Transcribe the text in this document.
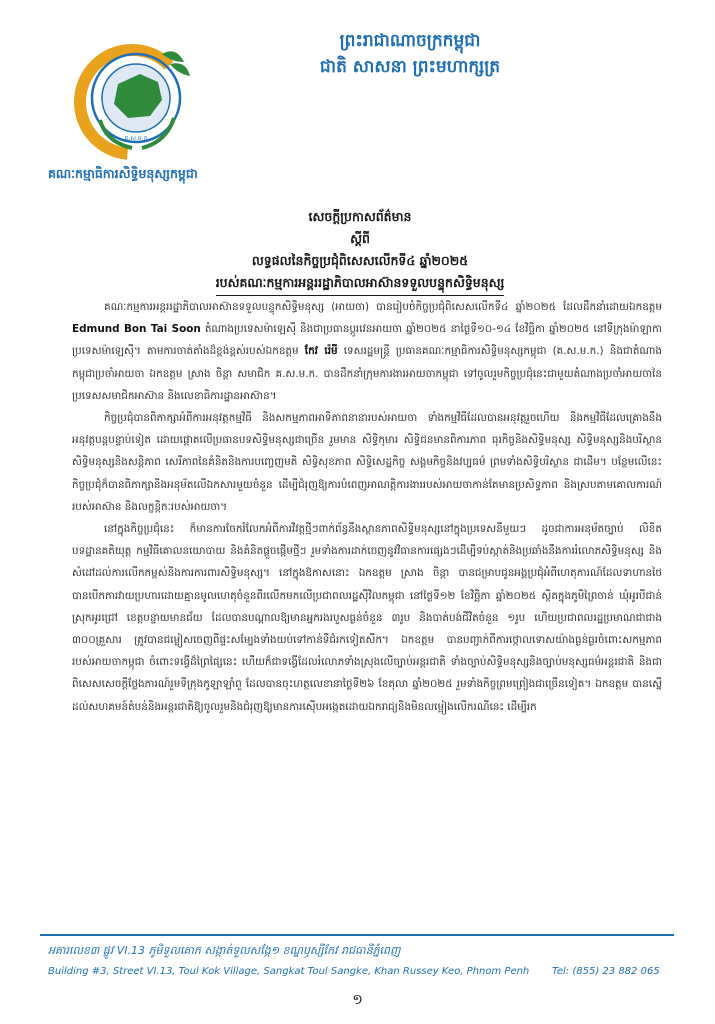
គ.ស.ម.ក
គណៈកម្មាធិការសិទ្ធិមនុស្សកម្ពុជា
ព្រះរាជាណាចក្រកម្ពុជា
ជាតិ សាសនា ព្រះមហាក្សត្រ
សេចក្តីប្រកាសព័ត៌មាន
ស្តីពី
លទ្ធផលនៃកិច្ចប្រជុំពិសេសលើកទី៤ ឆ្នាំ២០២៥
របស់គណៈកម្មការអន្តររដ្ឋាភិបាលអាស៊ានទទួលបន្ទុកសិទ្ធិមនុស្ស

គណៈកម្មការអន្តររដ្ឋាភិបាលអាស៊ានទទួលបន្ទុកសិទ្ធិមនុស្ស (អាយចា) បានរៀបចំកិច្ចប្រជុំពិសេសលើកទី៤ ឆ្នាំ២០២៥ ដែលដឹកនាំដោយឯកឧត្តម Edmund Bon Tai Soon តំណាងប្រទេសម៉ាឡេស៊ី និងជាប្រធានប្តូរវេនអាយចា ឆ្នាំ២០២៥ នាថ្ងៃទី១០-១៤ ខែវិច្ឆិកា ឆ្នាំ២០២៥ នៅទីក្រុងម៉ាឡាកា ប្រទេសម៉ាឡេស៊ី។ តាមការចាត់តាំងដ៏ខ្ពង់ខ្ពស់របស់ឯកឧត្តម កែវ រ៉េមី ទេសរដ្ឋមន្ត្រី ប្រធានគណៈកម្មាធិការសិទ្ធិមនុស្សកម្ពុជា (គ.ស.ម.ក.) និងជាតំណាងកម្ពុជាប្រចាំអាយចា ឯកឧត្តម ស្រាង ចិន្តា សមាជិក គ.ស.ម.ក. បានដឹកនាំក្រុមការងារអាយចាកម្ពុជា ទៅចូលរួមកិច្ចប្រជុំនេះជាមួយតំណាងប្រចាំអាយចានៃប្រទេសសមាជិកអាស៊ាន និងលេខាធិការដ្ឋានអាស៊ាន។

កិច្ចប្រជុំបានពិភាក្សាអំពីការអនុវត្តកម្មវិធី និងសកម្មភាពអាទិភាពនានារបស់អាយចា ទាំងកម្មវិធីដែលបានអនុវត្តរួចហើយ និងកម្មវិធីដែលគ្រោងនឹងអនុវត្តបន្តបន្ទាប់ទៀត ដោយផ្តោតលើប្រធានបទសិទ្ធិមនុស្សជាច្រើន រួមមាន សិទ្ធិកុមារ សិទ្ធិជនមានពិការភាព ធុរកិច្ចនិងសិទ្ធិមនុស្ស សិទ្ធិមនុស្សនិងបរិស្ថាន សិទ្ធិមនុស្សនិងសន្តិភាព សេរីភាពនៃគំនិតនិងការបញ្ចេញមតិ សិទ្ធិសុខភាព សិទ្ធិសេដ្ឋកិច្ច សង្គមកិច្ចនិងវប្បធម៌ ព្រមទាំងសិទ្ធិបរិស្ថាន ជាដើម។ បន្ថែមលើនេះ កិច្ចប្រជុំក៏បានពិភាក្សានិងអនុម័តលើឯកសារមួយចំនួន ដើម្បីជំរុញឱ្យការបំពេញអាណត្តិការងាររបស់អាយចាកាន់តែមានប្រសិទ្ធភាព និងស្របតាមគោលការណ៍របស់អាស៊ាន និងលក្ខន្តិកៈរបស់អាយចា។

នៅក្នុងកិច្ចប្រជុំនេះ ក៏មានការចែករំលែកអំពីការវិវត្តថ្មីៗពាក់ព័ន្ធនឹងស្ថានភាពសិទ្ធិមនុស្សនៅក្នុងប្រទេសនីមួយៗ ដូចជាការអនុម័តច្បាប់ លិខិតបទដ្ឋានគតិយុត្ត កម្មវិធីគោលនយោបាយ និងគំនិតផ្តួចផ្តើមថ្មីៗ រួមទាំងការដាក់ចេញនូវវិធានការផ្សេងៗដើម្បីទប់ស្កាត់និងប្រឆាំងនឹងការរំលោភសិទ្ធិមនុស្ស និងសំដៅដល់ការលើកកម្ពស់និងការការពារសិទ្ធិមនុស្ស។ នៅក្នុងឱកាសនោះ ឯកឧត្តម ស្រាង ចិន្តា បានជម្រាបជូនអង្គប្រជុំអំពីហេតុការណ៍ដែលទាហានថៃបានបើកការវាយប្រហារដោយគ្មានមូលហេតុចំនួនពីរលើកមកលើប្រជាពលរដ្ឋស៊ីវិលកម្ពុជា នៅថ្ងៃទី១២ ខែវិច្ឆិកា ឆ្នាំ២០២៥ ស្ថិតក្នុងភូមិព្រៃចាន់ ឃុំអូរបីជាន់ ស្រុកអូរជ្រៅ ខេត្តបន្ទាយមានជ័យ ដែលបានបណ្តាលឱ្យមានអ្នករងរបួសធ្ងន់ចំនួន ៣រូប និងបាត់បង់ជីវិតចំនួន ១រូប ហើយប្រជាពលរដ្ឋប្រមាណជាជាង ៣០០គ្រួសារ ត្រូវបានជម្លៀសចេញពីផ្ទះសម្បែងទាំងយប់ទៅកាន់ទីជំរកទៀតសឹក។ ឯកឧត្តម បានបញ្ជាក់ពីការថ្កោលទោសយ៉ាងធ្ងន់ធ្ងរចំពោះសកម្មភាពរបស់អាយចាកម្ពុជា ចំពោះទង្វើដ៏ព្រៃផ្សៃនេះ ហើយក៏ជាទង្វើដែលរំលោភទាំងស្រុងលើច្បាប់អន្តរជាតិ ទាំងច្បាប់សិទ្ធិមនុស្សនិងច្បាប់មនុស្សធម៌អន្តរជាតិ និងជាពិសេសសេចក្តីថ្លែងការណ៍រួមទីក្រុងកូឡាឡាំពួ ដែលបានចុះហត្ថលេខានាថ្ងៃទី២៦ ខែតុលា ឆ្នាំ២០២៥ រួមទាំងកិច្ចព្រមព្រៀងជាច្រើនទៀត។ ឯកឧត្តម បានស្នើដល់សហគមន៍តំបន់និងអន្តរជាតិឱ្យចូលរួមនិងជំរុញឱ្យមានការស៊ើបអង្កេតដោយឯករាជ្យនិងមិនលម្អៀងលើករណីនេះ ដើម្បីរក

អគារលេខ៣ ផ្លូវ VI.13 ភូមិទួលគោក សង្កាត់ទួលសង្កែ១ ខណ្ឌឫស្សីកែវ រាជធានីភ្នំពេញ
Building #3, Street VI.13, Toul Kok Village, Sangkat Toul Sangke, Khan Russey Keo, Phnom Penh Tel: (855) 23 882 065
១
